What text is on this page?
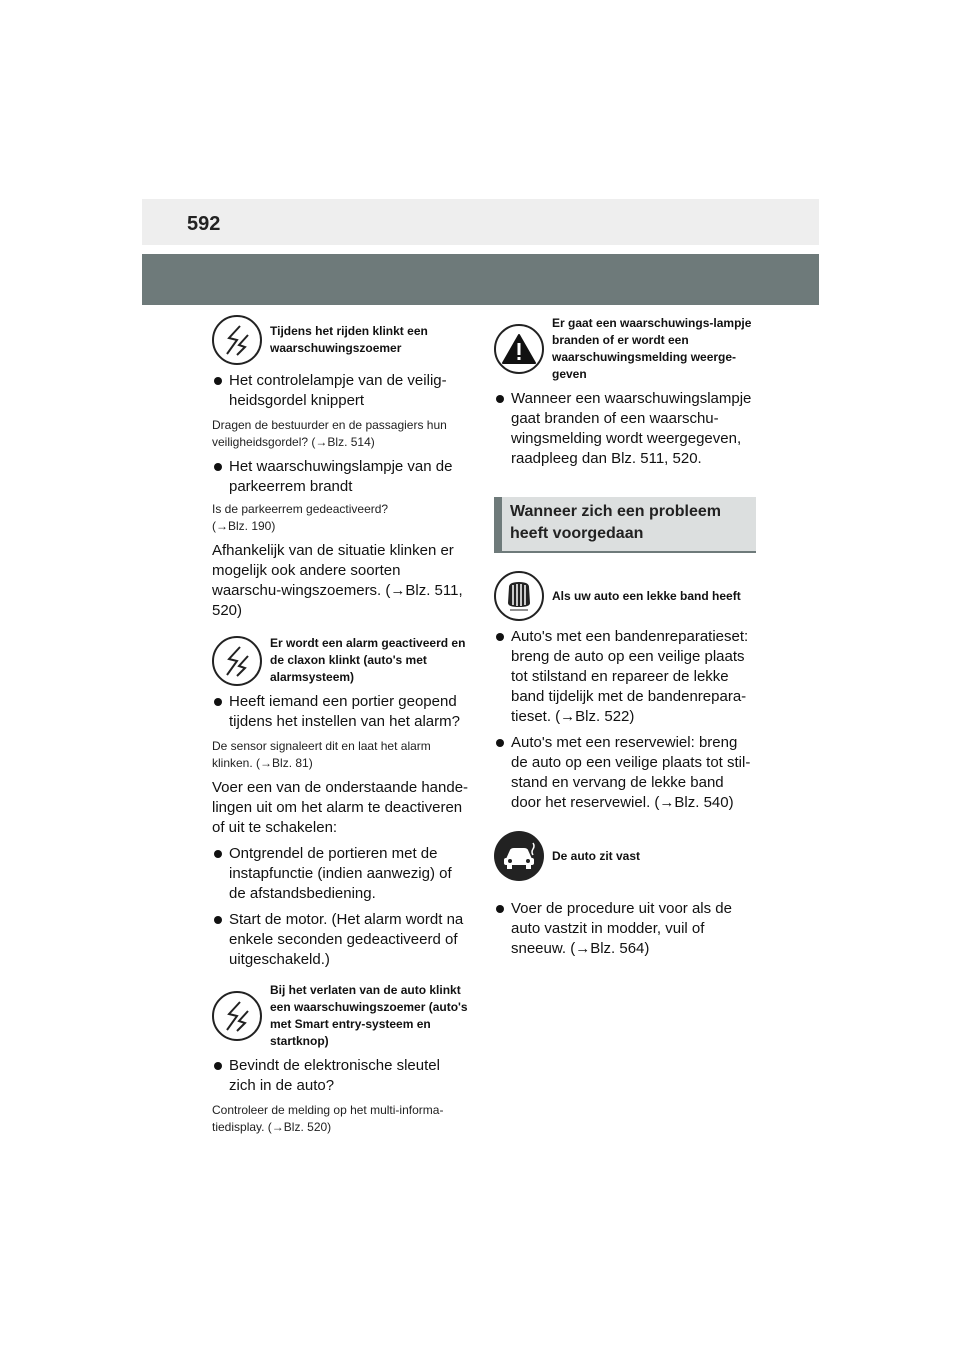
592
Tijdens het rijden klinkt een waarschuwingszoemer
Het controlelampje van de veilig-heidsgordel knippert
Dragen de bestuurder en de passagiers hun veiligheidsgordel? (→Blz. 514)
Het waarschuwingslampje van de parkeerrem brandt
Is de parkeerrem gedeactiveerd?
(→Blz. 190)
Afhankelijk van de situatie klinken er mogelijk ook andere soorten waarschu-wingszoemers. (→Blz. 511, 520)
Er wordt een alarm geactiveerd en de claxon klinkt (auto's met alarmsysteem)
Heeft iemand een portier geopend tijdens het instellen van het alarm?
De sensor signaleert dit en laat het alarm klinken. (→Blz. 81)
Voer een van de onderstaande hande-lingen uit om het alarm te deactiveren of uit te schakelen:
Ontgrendel de portieren met de instapfunctie (indien aanwezig) of de afstandsbediening.
Start de motor. (Het alarm wordt na enkele seconden gedeactiveerd of uitgeschakeld.)
Bij het verlaten van de auto klinkt een waarschuwingszoemer (auto's met Smart entry-systeem en startknop)
Bevindt de elektronische sleutel zich in de auto?
Controleer de melding op het multi-informa-tiedisplay. (→Blz. 520)
Er gaat een waarschuwings-lampje branden of er wordt een waarschuwingsmelding weerge-geven
Wanneer een waarschuwingslampje gaat branden of een waarschu-wingsmelding wordt weergegeven, raadpleeg dan Blz. 511, 520.
Wanneer zich een probleem heeft voorgedaan
Als uw auto een lekke band heeft
Auto's met een bandenreparatieset: breng de auto op een veilige plaats tot stilstand en repareer de lekke band tijdelijk met de bandenrepara-tieset. (→Blz. 522)
Auto's met een reservewiel: breng de auto op een veilige plaats tot stil-stand en vervang de lekke band door het reservewiel. (→Blz. 540)
De auto zit vast
Voer de procedure uit voor als de auto vastzit in modder, vuil of sneeuw. (→Blz. 564)
